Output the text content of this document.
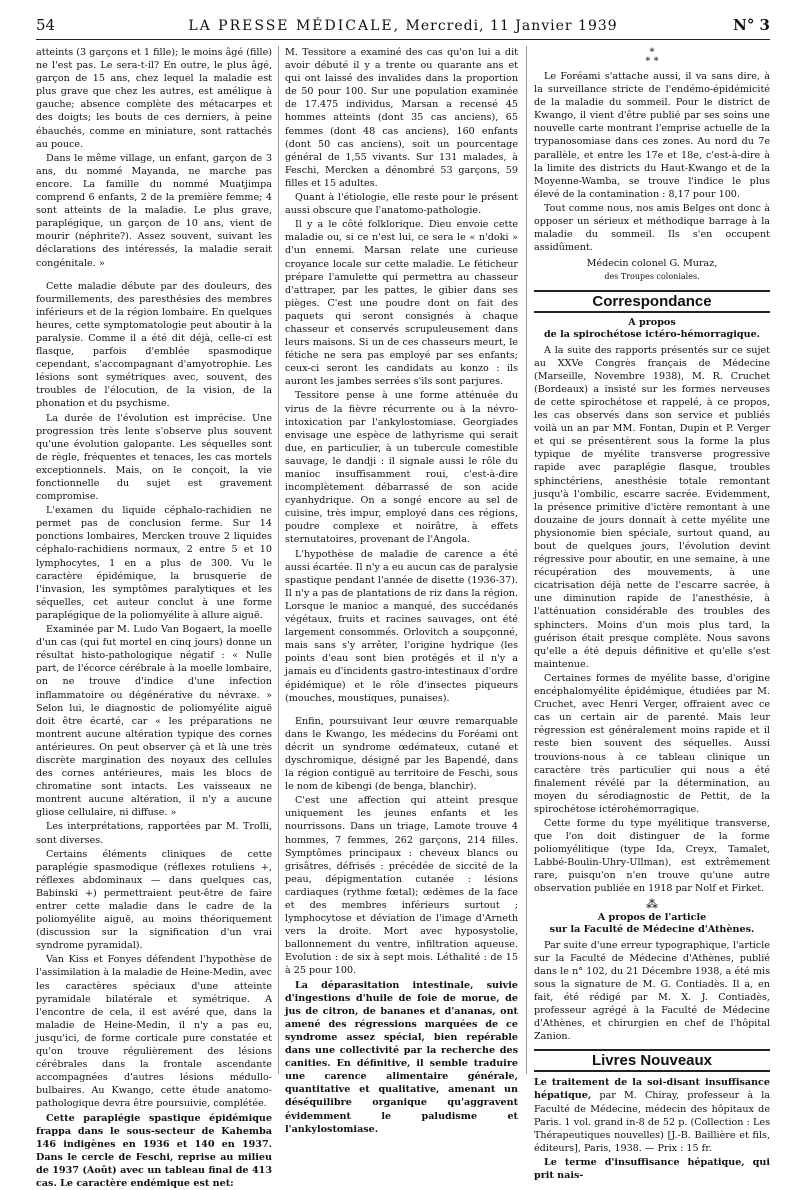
54	LA PRESSE MÉDICALE, Mercredi, 11 Janvier 1939	N° 3

atteints (3 garçons et 1 fille); le moins âgé (fille) ne l'est pas. Le sera-t-il? En outre, le plus âgé, garçon de 15 ans, chez lequel la maladie est plus grave que chez les autres, est amélique à gauche; absence complète des métacarpes et des doigts; les bouts de ces derniers, à peine ébauchés, comme en miniature, sont rattachés au pouce.

Dans le même village, un enfant, garçon de 3 ans, du nommé Mayanda, ne marche pas encore. La famille du nommé Muatjimpa comprend 6 enfants, 2 de la première femme; 4 sont atteints de la maladie. Le plus grave, paraplégique, un garçon de 10 ans, vient de mourir (néphrite?). Assez souvent, suivant les déclarations des intéressés, la maladie serait congénitale. »

Cette maladie débute par des douleurs, des fourmillements, des paresthésies des membres inférieurs et de la région lombaire. En quelques heures, cette symptomatologie peut aboutir à la paralysie. Comme il a été dit déjà, celle-ci est flasque, parfois d'emblée spasmodique cependant, s'accompagnant d'amyotrophie. Les lésions sont symétriques avec, souvent, des troubles de l'élocution, de la vision, de la phonation et du psychisme.

La durée de l'évolution est imprécise. Une progression très lente s'observe plus souvent qu'une évolution galopante. Les séquelles sont de règle, fréquentes et tenaces, les cas mortels exceptionnels. Mais, on le conçoit, la vie fonctionnelle du sujet est gravement compromise.

L'examen du liquide céphalo-rachidien ne permet pas de conclusion ferme. Sur 14 ponctions lombaires, Mercken trouve 2 liquides céphalo-rachidiens normaux, 2 entre 5 et 10 lymphocytes, 1 en a plus de 300. Vu le caractère épidémique, la brusquerie de l'invasion, les symptômes paralytiques et les séquelles, cet auteur conclut à une forme paraplégique de la poliomyélite à allure aiguë.

Examinée par M. Ludo Van Bogaert, la moelle d'un cas (qui fut mortel en cinq jours) donne un résultat histo-pathologique négatif : « Nulle part, de l'écorce cérébrale à la moelle lombaire, on ne trouve d'indice d'une infection inflammatoire ou dégénérative du névraxe. » Selon lui, le diagnostic de poliomyélite aiguë doit être écarté, car « les préparations ne montrent aucune altération typique des cornes antérieures. On peut observer çà et là une très discrète margination des noyaux des cellules des cornes antérieures, mais les blocs de chromatine sont intacts. Les vaisseaux ne montrent aucune altération, il n'y a aucune gliose cellulaire, ni diffuse. »

Les interprétations, rapportées par M. Trolli, sont diverses.

Certains éléments cliniques de cette paraplégie spasmodique (réflexes rotuliens +, réflexes abdominaux — dans quelques cas, Babinski +) permettraient peut-être de faire entrer cette maladie dans le cadre de la poliomyélite aiguë, au moins théoriquement (discussion sur la signification d'un vrai syndrome pyramidal).

Van Kiss et Fonyes défendent l'hypothèse de l'assimilation à la maladie de Heine-Medin, avec les caractères spéciaux d'une atteinte pyramidale bilatérale et symétrique. A l'encontre de cela, il est avéré que, dans la maladie de Heine-Medin, il n'y a pas eu, jusqu'ici, de forme corticale pure constatée et qu'on trouve régulièrement des lésions cérébrales dans la frontale ascendante accompagnées d'autres lésions médullo-bulbaires. Au Kwango, cette étude anatomo-pathologique devra être poursuivie, complétée.

Cette paraplégie spastique épidémique frappa dans le sous-secteur de Kahemba 146 indigènes en 1936 et 140 en 1937. Dans le cercle de Feschi, reprise au milieu de 1937 (Août) avec un tableau final de 413 cas. Le caractère endémique est net:

M. Tessitore a examiné des cas qu'on lui a dit avoir débuté il y a trente ou quarante ans et qui ont laissé des invalides dans la proportion de 50 pour 100. Sur une population examinée de 17.475 individus, Marsan a recensé 45 hommes atteints (dont 35 cas anciens), 65 femmes (dont 48 cas anciens), 160 enfants (dont 50 cas anciens), soit un pourcentage général de 1,55 vivants. Sur 131 malades, à Feschi, Mercken a dénombré 53 garçons, 59 filles et 15 adultes.

Quant à l'étiologie, elle reste pour le présent aussi obscure que l'anatomo-pathologie.

Il y a le côté folklorique. Dieu envoie cette maladie ou, si ce n'est lui, ce sera le « n'doki » d'un ennemi. Marsan relate une curieuse croyance locale sur cette maladie. Le féticheur prépare l'amulette qui permettra au chasseur d'attraper, par les pattes, le gibier dans ses pièges. C'est une poudre dont on fait des paquets qui seront consignés à chaque chasseur et conservés scrupuleusement dans leurs maisons. Si un de ces chasseurs meurt, le fétiche ne sera pas employé par ses enfants; ceux-ci seront les candidats au konzo : ils auront les jambes serrées s'ils sont parjures.

Tessitore pense à une forme atténuée du virus de la fièvre récurrente ou à la névro-intoxication par l'ankylostomiase. Georgiades envisage une espèce de lathyrisme qui serait due, en particulier, à un tubercule comestible sauvage, le dandji : il signale aussi le rôle du manioc insuffisamment roui, c'est-à-dire incomplètement débarrassé de son acide cyanhydrique. On a songé encore au sel de cuisine, très impur, employé dans ces régions, poudre complexe et noirâtre, à effets sternutatoires, provenant de l'Angola.

L'hypothèse de maladie de carence a été aussi écartée. Il n'y a eu aucun cas de paralysie spastique pendant l'année de disette (1936-37). Il n'y a pas de plantations de riz dans la région. Lorsque le manioc a manqué, des succédanés végétaux, fruits et racines sauvages, ont été largement consommés. Orlovitch a soupçonné, mais sans s'y arrêter, l'origine hydrique (les points d'eau sont bien protégés et il n'y a jamais eu d'incidents gastro-intestinaux d'ordre épidémique) et le rôle d'insectes piqueurs (mouches, moustiques, punaises).

Enfin, poursuivant leur œuvre remarquable dans le Kwango, les médecins du Foréami ont décrit un syndrome œdémateux, cutané et dyschromique, désigné par les Bapendé, dans la région contiguë au territoire de Feschi, sous le nom de kibengi (de benga, blanchir).

C'est une affection qui atteint presque uniquement les jeunes enfants et les nourrissons. Dans un triage, Lamote trouve 4 hommes, 7 femmes, 262 garçons, 214 filles. Symptômes principaux : cheveux blancs ou grisâtres, défrisés : précédée de siccité de la peau, dépigmentation cutanée : lésions cardiaques (rythme fœtal); œdèmes de la face et des membres inférieurs surtout ; lymphocytose et déviation de l'image d'Arneth vers la droite. Mort avec hyposystolie, ballonnement du ventre, infiltration aqueuse. Evolution : de six à sept mois. Léthalité : de 15 à 25 pour 100.

La déparasitation intestinale, suivie d'ingestions d'huile de foie de morue, de jus de citron, de bananes et d'ananas, ont amené des régressions marquées de ce syndrome assez spécial, bien repérable dans une collectivité par la recherche des canities. En définitive, il semble traduire une carence alimentaire générale, quantitative et qualitative, amenant un déséquilibre organique qu'aggravent évidemment le paludisme et l'ankylostomiase.

*
* *

Le Foréami s'attache aussi, il va sans dire, à la surveillance stricte de l'endémo-épidémicité de la maladie du sommeil. Pour le district de Kwango, il vient d'être publié par ses soins une nouvelle carte montrant l'emprise actuelle de la trypanosomiase dans ces zones. Au nord du 7e parallèle, et entre les 17e et 18e, c'est-à-dire à la limite des districts du Haut-Kwango et de la Moyenne-Wamba, se trouve l'indice le plus élevé de la contamination : 8,17 pour 100.

Tout comme nous, nos amis Belges ont donc à opposer un sérieux et méthodique barrage à la maladie du sommeil. Ils s'en occupent assidûment.

Médecin colonel G. Muraz,
des Troupes coloniales.
Correspondance
A propos
de la spirochétose ictéro-hémorragique.

A la suite des rapports présentés sur ce sujet au XXVe Congrès français de Médecine (Marseille, Novembre 1938), M. R. Cruchet (Bordeaux) a insisté sur les formes nerveuses de cette spirochétose et rappelé, à ce propos, les cas observés dans son service et publiés voilà un an par MM. Fontan, Dupin et P. Verger et qui se présentèrent sous la forme la plus typique de myélite transverse progressive rapide avec paraplégie flasque, troubles sphinctériens, anesthésie totale remontant jusqu'à l'ombilic, escarre sacrée. Evidemment, la présence primitive d'ictère remontant à une douzaine de jours donnait à cette myélite une physionomie bien spéciale, surtout quand, au bout de quelques jours, l'évolution devint régressive pour aboutir, en une semaine, à une récupération des mouvements, à une cicatrisation déjà nette de l'escarre sacrée, à une diminution rapide de l'anesthésie, à l'atténuation considérable des troubles des sphincters. Moins d'un mois plus tard, la guérison était presque complète. Nous savons qu'elle a été depuis définitive et qu'elle s'est maintenue.

Certaines formes de myélite basse, d'origine encéphalomyélite épidémique, étudiées par M. Cruchet, avec Henri Verger, offraient avec ce cas un certain air de parenté. Mais leur régression est généralement moins rapide et il reste bien souvent des séquelles. Aussi trouvions-nous à ce tableau clinique un caractère très particulier qui nous a été finalement révélé par la détermination, au moyen du sérodiagnostic de Pettit, de la spirochétose ictérohémorragique.

Cette forme du type myélitique transverse, que l'on doit distinguer de la forme poliomyélitique (type Ida, Creyx, Tamalet, Labbé-Boulin-Uhry-Ullman), est extrêmement rare, puisqu'on n'en trouve qu'une autre observation publiée en 1918 par Nolf et Firket.

⁂
A propos de l'article
sur la Faculté de Médecine d'Athènes.

Par suite d'une erreur typographique, l'article sur la Faculté de Médecine d'Athènes, publié dans le n° 102, du 21 Décembre 1938, a été mis sous la signature de M. G. Contiadès. Il a, en fait, été rédigé par M. X. J. Contiadès, professeur agrégé à la Faculté de Médecine d'Athènes, et chirurgien en chef de l'hôpital Zanion.

Livres Nouveaux

Le traitement de la soi-disant insuffisance hépatique, par M. Chiray, professeur à la Faculté de Médecine, médecin des hôpitaux de Paris. 1 vol. grand in-8 de 52 p. (Collection : Les Thérapeutiques nouvelles) [J.-B. Baillière et fils, éditeurs], Paris, 1938. — Prix : 15 fr.

Le terme d'insuffisance hépatique, qui prit nais-
